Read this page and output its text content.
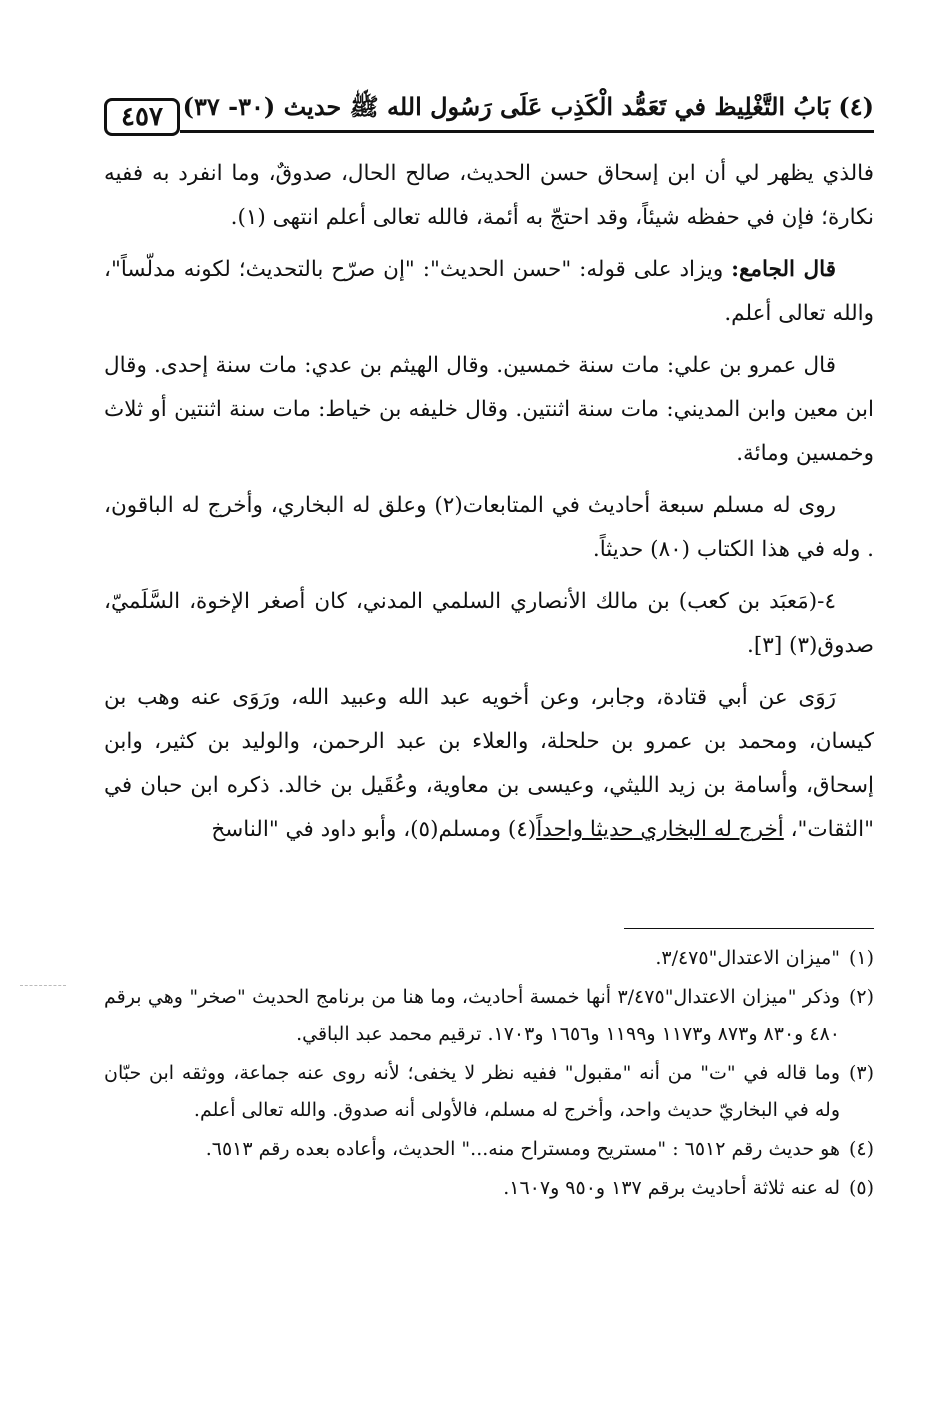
٤٥٧ (٤) بَابُ التَّغْلِيظ في تَعَمُّد الْكَذِب عَلَى رَسُول الله ﷺ حديث (٣٠- ٣٧)

فالذي يظهر لي أن ابن إسحاق حسن الحديث، صالح الحال، صدوقٌ، وما انفرد به ففيه نكارة؛ فإن في حفظه شيئاً، وقد احتجّ به أئمة، فالله تعالى أعلم انتهى (١).

قال الجامع: ويزاد على قوله: "حسن الحديث": "إن صرّح بالتحديث؛ لكونه مدلّساً"، والله تعالى أعلم.

قال عمرو بن علي: مات سنة خمسين. وقال الهيثم بن عدي: مات سنة إحدى. وقال ابن معين وابن المديني: مات سنة اثنتين. وقال خليفه بن خياط: مات سنة اثنتين أو ثلاث وخمسين ومائة.

روى له مسلم سبعة أحاديث في المتابعات(٢) وعلق له البخاري، وأخرج له الباقون، . وله في هذا الكتاب (٨٠) حديثاً.

٤-(مَعبَد بن كعب) بن مالك الأنصاري السلمي المدني، كان أصغر الإخوة، السَّلَميّ، صدوق(٣) [٣].

رَوَى عن أبي قتادة، وجابر، وعن أخويه عبد الله وعبيد الله، ورَوَى عنه وهب بن كيسان، ومحمد بن عمرو بن حلحلة، والعلاء بن عبد الرحمن، والوليد بن كثير، وابن إسحاق، وأسامة بن زيد الليثي، وعيسى بن معاوية، وعُقَيل بن خالد. ذكره ابن حبان في "الثقات"، أخرج له البخاري حديثا واحداً(٤) ومسلم(٥)، وأبو داود في "الناسخ

(١)
"ميزان الاعتدال"٣/٤٧٥.
(٢)
وذكر "ميزان الاعتدال"٣/٤٧٥ أنها خمسة أحاديث، وما هنا من برنامج الحديث "صخر" وهي برقم ٤٨٠ و٨٣٠ و٨٧٣ و١١٧٣ و١١٩٩ و١٦٥٦ و١٧٠٣. ترقيم محمد عبد الباقي.
(٣)
وما قاله في "ت" من أنه "مقبول" ففيه نظر لا يخفى؛ لأنه روى عنه جماعة، ووثقه ابن حبّان وله في البخاريّ حديث واحد، وأخرج له مسلم، فالأولى أنه صدوق. والله تعالى أعلم.
(٤)
هو حديث رقم ٦٥١٢ : "مستريح ومستراح منه..." الحديث، وأعاده بعده رقم ٦٥١٣.
(٥)
له عنه ثلاثة أحاديث برقم ١٣٧ و٩٥٠ و١٦٠٧.
